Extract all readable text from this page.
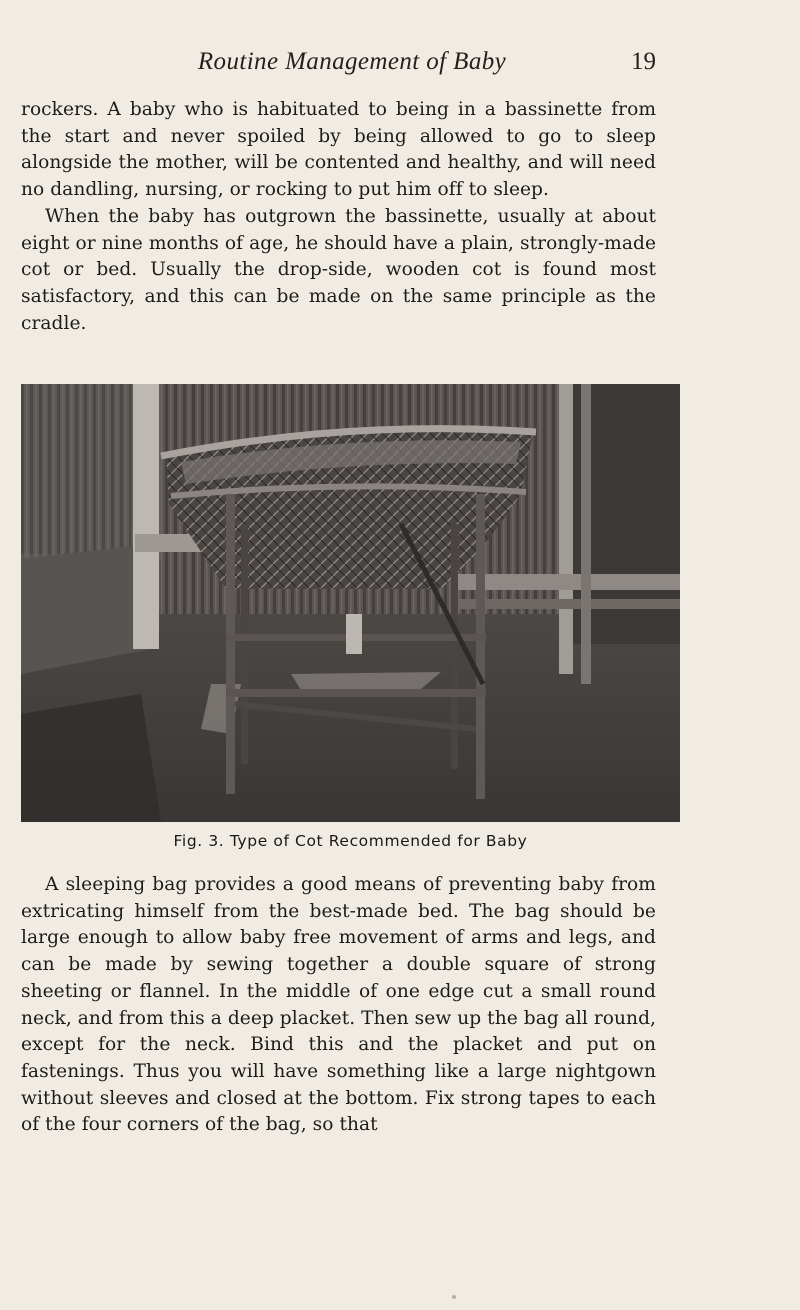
Routine Management of Baby	19

rockers. A baby who is habituated to being in a bassinette from the start and never spoiled by being allowed to go to sleep alongside the mother, will be contented and healthy, and will need no dandling, nursing, or rocking to put him off to sleep.

When the baby has outgrown the bassinette, usually at about eight or nine months of age, he should have a plain, strongly-made cot or bed. Usually the drop-side, wooden cot is found most satisfactory, and this can be made on the same principle as the cradle.

Fig. 3. Type of Cot Recommended for Baby

A sleeping bag provides a good means of preventing baby from extricating himself from the best-made bed. The bag should be large enough to allow baby free movement of arms and legs, and can be made by sewing together a double square of strong sheeting or flannel. In the middle of one edge cut a small round neck, and from this a deep placket. Then sew up the bag all round, except for the neck. Bind this and the placket and put on fastenings. Thus you will have something like a large nightgown without sleeves and closed at the bottom. Fix strong tapes to each of the four corners of the bag, so that
